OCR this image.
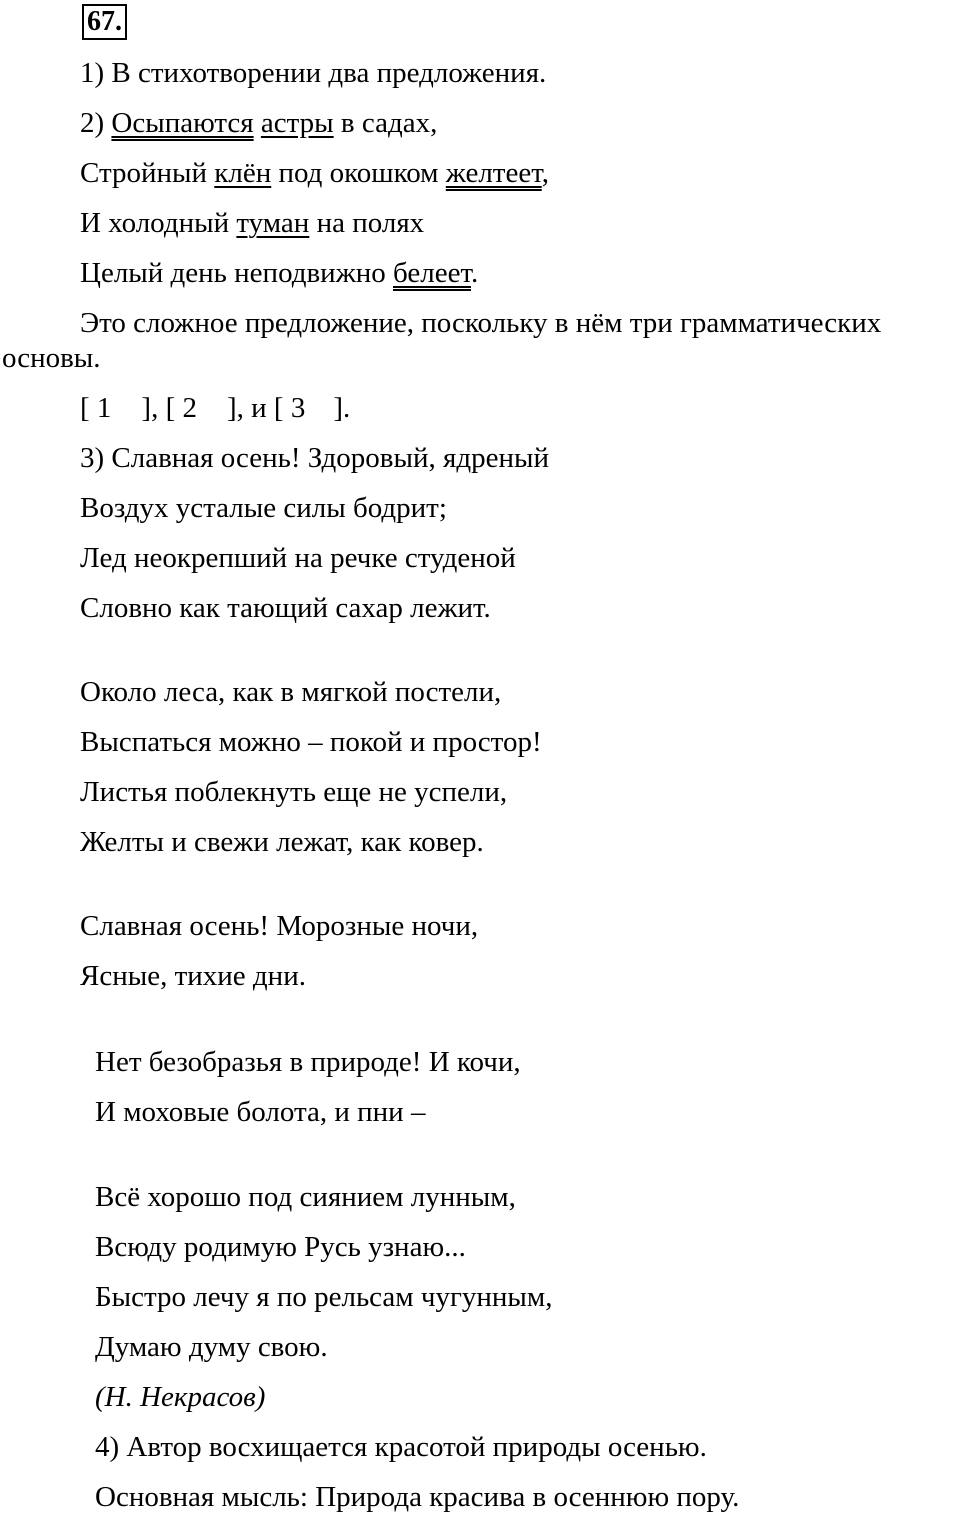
67.
1) В стихотворении два предложения.
2) Осыпаются астры в садах,
Стройный клён под окошком желтеет,
И холодный туман на полях
Целый день неподвижно белеет.
Это сложное предложение, поскольку в нём три грамматических
основы.
[ 1 ], [ 2 ], и [ 3 ].
3) Славная осень! Здоровый, ядреный
Воздух усталые силы бодрит;
Лед неокрепший на речке студеной
Словно как тающий сахар лежит.
Около леса, как в мягкой постели,
Выспаться можно – покой и простор!
Листья поблекнуть еще не успели,
Желты и свежи лежат, как ковер.
Славная осень! Морозные ночи,
Ясные, тихие дни.
Нет безобразья в природе! И кочи,
И моховые болота, и пни –
Всё хорошо под сиянием лунным,
Всюду родимую Русь узнаю...
Быстро лечу я по рельсам чугунным,
Думаю думу свою.
(Н. Некрасов)
4) Автор восхищается красотой природы осенью.
Основная мысль: Природа красива в осеннюю пору.
